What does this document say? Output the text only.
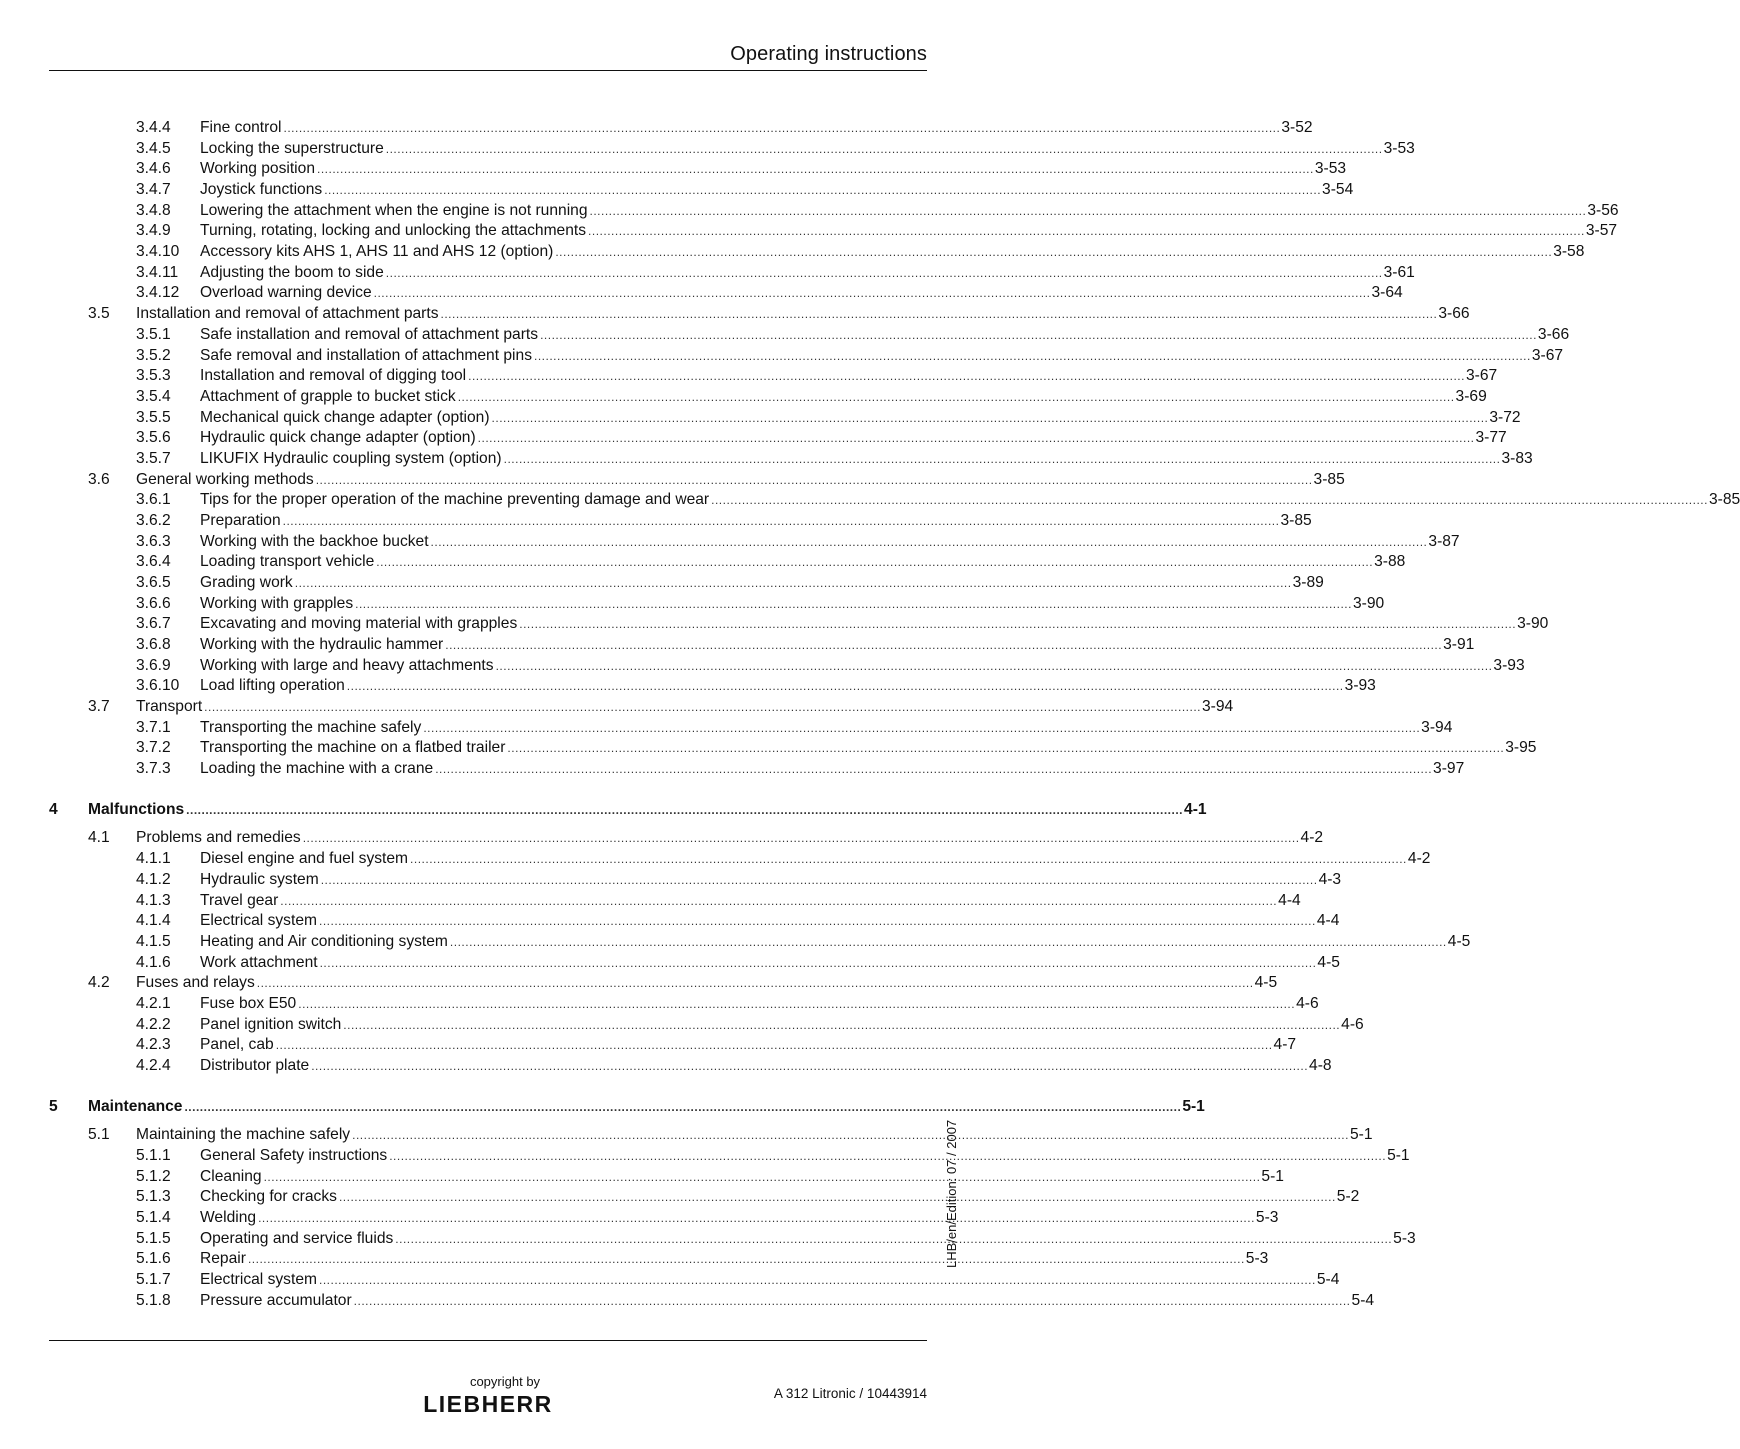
Operating instructions
3.4.4 Fine control .................................................................................................................................................................................................................................................................... 3-52
3.4.5 Locking the superstructure .................................................................................................................................................................................................................................................................... 3-53
3.4.6 Working position .................................................................................................................................................................................................................................................................... 3-53
3.4.7 Joystick functions .................................................................................................................................................................................................................................................................... 3-54
3.4.8 Lowering the attachment when the engine is not running .................................................................................................................................................................................................................................................................... 3-56
3.4.9 Turning, rotating, locking and unlocking the attachments .................................................................................................................................................................................................................................................................... 3-57
3.4.10 Accessory kits AHS 1, AHS 11 and AHS 12 (option) .................................................................................................................................................................................................................................................................... 3-58
3.4.11 Adjusting the boom to side .................................................................................................................................................................................................................................................................... 3-61
3.4.12 Overload warning device .................................................................................................................................................................................................................................................................... 3-64
3.5 Installation and removal of attachment parts .................................................................................................................................................................................................................................................................... 3-66
3.5.1 Safe installation and removal of attachment parts .................................................................................................................................................................................................................................................................... 3-66
3.5.2 Safe removal and installation of attachment pins .................................................................................................................................................................................................................................................................... 3-67
3.5.3 Installation and removal of digging tool .................................................................................................................................................................................................................................................................... 3-67
3.5.4 Attachment of grapple to bucket stick .................................................................................................................................................................................................................................................................... 3-69
3.5.5 Mechanical quick change adapter (option) .................................................................................................................................................................................................................................................................... 3-72
3.5.6 Hydraulic quick change adapter (option) .................................................................................................................................................................................................................................................................... 3-77
3.5.7 LIKUFIX Hydraulic coupling system (option) .................................................................................................................................................................................................................................................................... 3-83
3.6 General working methods .................................................................................................................................................................................................................................................................... 3-85
3.6.1 Tips for the proper operation of the machine preventing damage and wear .................................................................................................................................................................................................................................................................... 3-85
3.6.2 Preparation .................................................................................................................................................................................................................................................................... 3-85
3.6.3 Working with the backhoe bucket .................................................................................................................................................................................................................................................................... 3-87
3.6.4 Loading transport vehicle .................................................................................................................................................................................................................................................................... 3-88
3.6.5 Grading work .................................................................................................................................................................................................................................................................... 3-89
3.6.6 Working with grapples .................................................................................................................................................................................................................................................................... 3-90
3.6.7 Excavating and moving material with grapples .................................................................................................................................................................................................................................................................... 3-90
3.6.8 Working with the hydraulic hammer .................................................................................................................................................................................................................................................................... 3-91
3.6.9 Working with large and heavy attachments .................................................................................................................................................................................................................................................................... 3-93
3.6.10 Load lifting operation .................................................................................................................................................................................................................................................................... 3-93
3.7 Transport .................................................................................................................................................................................................................................................................... 3-94
3.7.1 Transporting the machine safely .................................................................................................................................................................................................................................................................... 3-94
3.7.2 Transporting the machine on a flatbed trailer .................................................................................................................................................................................................................................................................... 3-95
3.7.3 Loading the machine with a crane .................................................................................................................................................................................................................................................................... 3-97
4 Malfunctions .................................................................................................................................................................................................................................................................... 4-1
4.1 Problems and remedies .................................................................................................................................................................................................................................................................... 4-2
4.1.1 Diesel engine and fuel system .................................................................................................................................................................................................................................................................... 4-2
4.1.2 Hydraulic system .................................................................................................................................................................................................................................................................... 4-3
4.1.3 Travel gear .................................................................................................................................................................................................................................................................... 4-4
4.1.4 Electrical system .................................................................................................................................................................................................................................................................... 4-4
4.1.5 Heating and Air conditioning system .................................................................................................................................................................................................................................................................... 4-5
4.1.6 Work attachment .................................................................................................................................................................................................................................................................... 4-5
4.2 Fuses and relays .................................................................................................................................................................................................................................................................... 4-5
4.2.1 Fuse box E50 .................................................................................................................................................................................................................................................................... 4-6
4.2.2 Panel ignition switch .................................................................................................................................................................................................................................................................... 4-6
4.2.3 Panel, cab .................................................................................................................................................................................................................................................................... 4-7
4.2.4 Distributor plate .................................................................................................................................................................................................................................................................... 4-8
5 Maintenance .................................................................................................................................................................................................................................................................... 5-1
5.1 Maintaining the machine safely .................................................................................................................................................................................................................................................................... 5-1
5.1.1 General Safety instructions .................................................................................................................................................................................................................................................................... 5-1
5.1.2 Cleaning .................................................................................................................................................................................................................................................................... 5-1
5.1.3 Checking for cracks .................................................................................................................................................................................................................................................................... 5-2
5.1.4 Welding .................................................................................................................................................................................................................................................................... 5-3
5.1.5 Operating and service fluids .................................................................................................................................................................................................................................................................... 5-3
5.1.6 Repair .................................................................................................................................................................................................................................................................... 5-3
5.1.7 Electrical system .................................................................................................................................................................................................................................................................... 5-4
5.1.8 Pressure accumulator .................................................................................................................................................................................................................................................................... 5-4
LHB/en/Edition: 07 / 2007
copyright by
LIEBHERR	A 312 Litronic / 10443914
